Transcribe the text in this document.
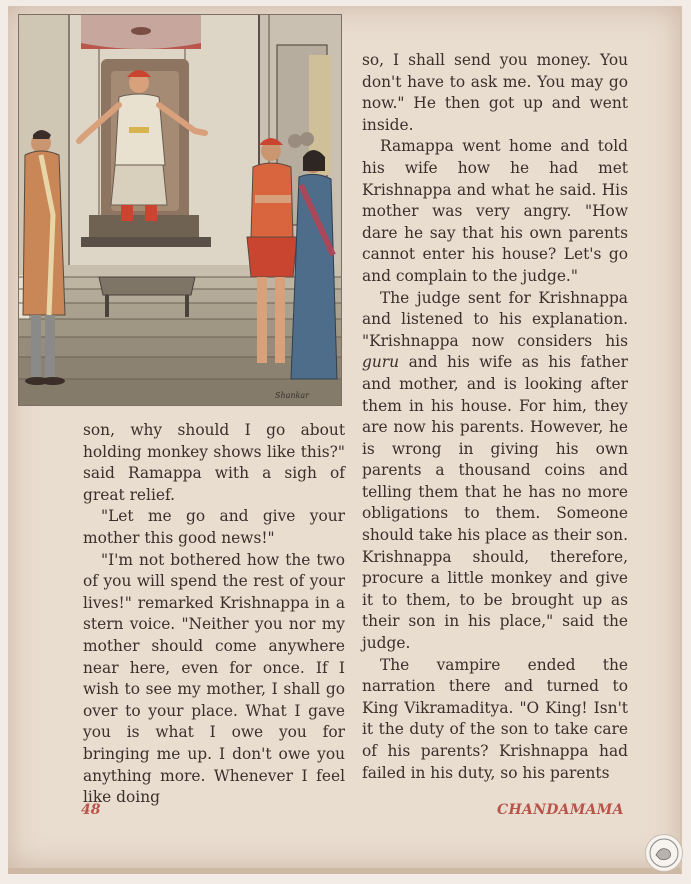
Shankar

son, why should I go about holding monkey shows like this?" said Ramappa with a sigh of great relief.

"Let me go and give your mother this good news!"

"I'm not bothered how the two of you will spend the rest of your lives!" remarked Krishnappa in a stern voice. "Neither you nor my mother should come anywhere near here, even for once. If I wish to see my mother, I shall go over to your place. What I gave you is what I owe you for bringing me up. I don't owe you anything more. Whenever I feel like doing

so, I shall send you money. You don't have to ask me. You may go now." He then got up and went inside.

Ramappa went home and told his wife how he had met Krishnappa and what he said. His mother was very angry. "How dare he say that his own parents cannot enter his house? Let's go and complain to the judge."

The judge sent for Krishnappa and listened to his explanation. "Krishnappa now considers his guru and his wife as his father and mother, and is looking after them in his house. For him, they are now his parents. However, he is wrong in giving his own parents a thousand coins and telling them that he has no more obligations to them. Someone should take his place as their son. Krishnappa should, therefore, procure a little monkey and give it to them, to be brought up as their son in his place," said the judge.

The vampire ended the narration there and turned to King Vikramaditya. "O King! Isn't it the duty of the son to take care of his parents? Krishnappa had failed in his duty, so his parents

48	CHANDAMAMA
